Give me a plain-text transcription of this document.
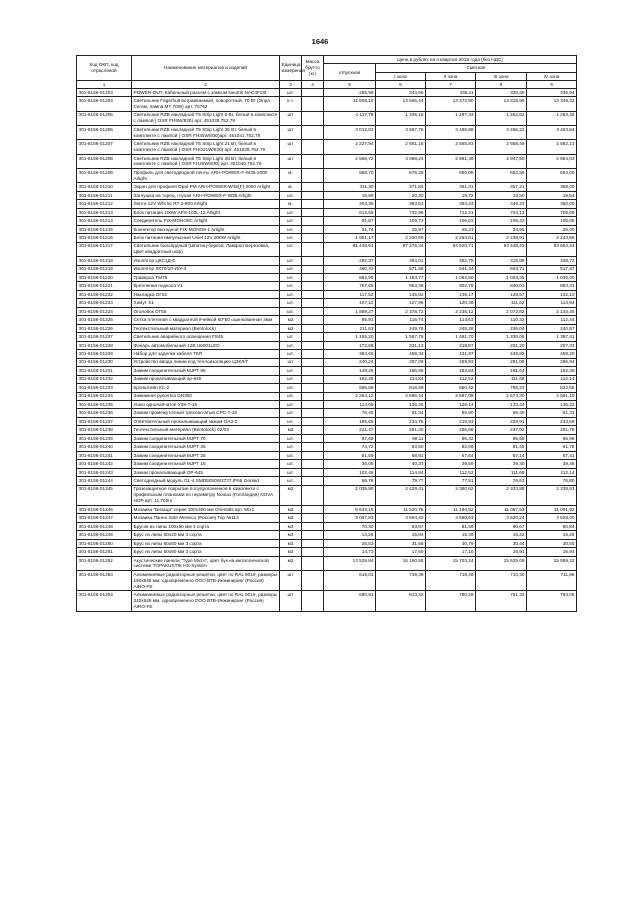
1646
Код ОКП, код отраслевой	Наименование материалов и изделий	Единица измерения	Масса брутто (кг)	Цена в рублях на 4 квартал 2015 года (без НДС)				
				отпускная	Сметная			
					I зона	II зона	III зона	IV зона
1	2	3	4	5	6	7	8	9
301-8156-01203	POWER-OUT. Кабельный разъем с замком Neutrik NAC3FCB	шт.		285,98	344,56	336,11	326,46	336,94
301-8156-01204	Светильник Fagerhult встраиваемый, поворотный, 70 Вт (Элра Сегам, лампа MT 70W) арт. 70762	к-т.		11 808,10	13 565,44	13 472,90	13 318,96	13 349,32
301-8156-01205	Светильник RZB накладной T5 Strip Light 8 Вт, белый в комплекте с лампой ( OSR FH8W/830) арт. 451035.752.79	шт		1 117,78	1 335,15	1 297,34	1 262,62	1 283,45
301-8156-01206	Светильник RZB накладной T5 Strip Light 35 Вт, белый в комплекте с лампой ( OSR FH35W/830)арт. 451041.752.79	шт		3 012,03	3 597,76	3 495,88	3 456,22	3 463,84
301-8156-01207	Светильник RZB накладной T5 Strip Light 21 Вт, белый в комплекте с лампой ( OSR FHO21W/830) арт. 451038.752.79	шт		2 227,94	2 661,18	2 585,83	2 558,49	2 562,13
301-8156-01208	Светильник RZB накладной T5 Strip Light 28 Вт, белый в комплекте с лампой ( OSR FH28W/830) арт. 451040.752.79	шт		2 568,72	3 068,24	2 981,35	2 947,50	2 954,03
301-8156-01209	Профиль для светодиодной ленты ARH-POWER-F-W35-2000 Arlight	м.		568,70	679,28	660,05	652,56	654,00
301-8156-01210	Экран для профиля Opal-PM ARH-POWER-W35(F)-2000 Arlight	м.		311,30	371,84	361,31	357,21	358,00
301-8156-01211	Заглушка на торец, глухая ARH-POWER-F-W35 Arlight	шт.		16,89	20,30	19,72	19,50	19,54
301-8156-01212	Лента 12V Wht 5с RT 2-800 Arlight	м.		304,35	363,53	353,24	349,23	350,00
301-8156-01213	Блок питания 100W APS-100L-12 Arlight	шт.		613,65	732,96	712,21	704,13	705,69
301-8156-01214	Соединитель FIX-MONO8C Arlight	шт.		91,87	109,73	106,63	105,42	105,65
301-8156-01215	Коннектор выходной FIX-MONO8-1 Arlight	шт.		21,74	25,97	25,23	24,95	25,00
301-8156-01216	Блок питания импульсный Uniel 12V 200W Arlight	шт.		1 951,17	2 330,60	2 264,61	2 238,91	2 243,86
301-8156-01217	Светильник бильярдный (Шпатиц-береза, Ламфон Березовка, Цвет квадратный шар)	шт.		81 438,64	97 275,34	94 520,71	93 448,43	93 654,44
301-8156-01218	Изолятор ЦКС1Д-Е	шт.		292,37	363,01	352,75	319,85	328,72
301-8156-01219	Изолятор ЛК70/10-И/У-3	шт.		460,43	571,68	541,34	503,71	517,67
301-8156-01220	Траверса ТМ75	шт.		882,99	1 153,77	1 062,50	1 004,35	1 035,00
301-8156-01221	Крепления подкоса У1	шт.		767,65	953,38	902,78	840,03	863,31
301-8156-01222	Накладка ОГ52	шт.		117,52	145,92	138,17	128,57	132,13
301-8156-01223	Хомут Х1	шт.		107,12	127,96	120,36	111,62	114,94
301-8156-01224	Оголовок ОГ55	шт.		1 889,27	2 378,72	2 235,12	2 072,82	2 134,46
301-8156-01225	Сетка плетеная с квадратной ячейкой 50*50 оцинкованная 3мм	м2		95,91	116,74	114,63	110,32	112,44
301-8156-01226	Геотекстильный материал (Bentolock)	м2		211,63	249,78	245,28	236,04	240,57
301-8156-01227	Светильник аварийного освещения FS45	шт.		1 165,20	1 567,76	1 491,70	1 336,06	1 397,41
301-8156-01228	Фонарь автомобильный 12В U6001LED	шт.		172,68	231,13	218,67	201,20	207,33
301-8156-01229	Набор для заделки кабеля ТКЯ	шт.		384,65	459,34	431,97	449,82	459,20
301-8156-01230	Устройство ввода линии под теплоизоляцию ЦЗКЛ/Г	шт		240,24	287,09	269,93	281,08	286,94
301-8156-01231	Зажим соединительный МJPT 95	шт.		148,28	186,95	182,84	161,64	162,29
301-8156-01232	Зажим прокалывающий ор-645	шт.		102,46	114,84	112,52	111,68	112,14
301-8156-01233	Кронштейн КС-2	шт.		685,58	918,89	860,42	798,23	822,59
301-8156-01234	Зажимная рукоятка DN300	шт.		2 264,12	2 695,44	2 587,09	2 574,30	2 581,10
301-8156-01235	Ушко однолапчатое У2К-7-16	шт.		114,05	136,26	128,14	133,44	136,22
301-8156-01236	Зажим промежуточный трехлап-атый СРС-7-16	шт.		76,45	91,34	85,90	89,45	91,31
301-8156-01237	Ответвительный прокалывающий зажим ОАЗ-2	шт.		195,65	233,76	219,83	228,91	233,68
301-8156-01238	Геотекстильный материал (Bentolock) 02/04	м2		221,47	261,40	256,68	247,02	251,76
301-8156-01239	Зажим соединительный МJPT 70	шт.		87,69	98,11	96,32	95,58	95,98
301-8156-01240	Зажим соединительный МJPT 35	шт.		74,72	83,60	82,06	81,45	81,78
301-8156-01241	Зажим соединительный МJPT 25	шт.		61,59	68,91	67,64	67,14	67,41
301-8156-01242	Зажим соединительный МJPT 16	шт.		36,05	40,33	39,59	39,30	39,46
301-8156-01243	Зажим прокалывающий ОР-645	шт.		102,46	114,84	112,52	111,68	112,14
301-8156-01244	Светодиодный модуль GL-4.SMD5050W3737 IP68 Genled	шт.		66,78	79,77	77,51	76,63	76,80
301-8156-01245	Грязезащитное покрытие полупрогоненное в комплекте с профильным планками по периметру Nooiax (Голландия) NOVA NOP арт. 11.702m	м2		2 035,90	2 429,41	2 380,62	2 333,88	2 338,93
301-8156-01246	Мозаика "Бизаца" серия 300х300 мм Orientals арт. Mix1	м2		9 643,15	11 520,76	11 194,52	11 067,53	11 091,92
301-8156-01247	Мозаика Панно Sole Messico (Россия) Top №113	м2		3 067,83	3 664,40	3 560,63	3 520,24	3 528,00
301-8156-01248	Брусок из липы 100х50 мм 3 сорта	м3		70,30	83,97	81,59	80,67	80,84
301-8156-01249	Брус из липы 50х20 мм 3 сорта	м3		13,26	15,84	15,39	15,22	15,25
301-8156-01250	Брус из липы 60х60 мм 3 сорта	м3		26,53	31,68	30,79	30,44	30,50
301-8156-01251	Брус из липы 50х50 мм 3 сорта	м3		14,73	17,60	17,10	16,91	16,94
301-8156-01252	Акустические панели "Туре Micro", цвет бук на металлической системе TOPAKUSTIK HS-System	м2		13 529,84	16 160,68	15 703,24	15 525,09	15 559,32
301-8156-01253	Алюминиевые радиаторные решетки, цвет по RAL 9019, размеры 190х545 мм, одновременно ООО ВТВ-Инжиниринг (Россия) AIRO-FE	шт		619,01	739,39	718,45	710,30	711,86
301-8156-01254	Алюминиевые радиаторные решетки, цвет по RAL 9019, размеры 240х545 мм, одновременно ООО ВТВ-Инжиниринг (Россия) AIRO-FE	шт		680,91	813,32	790,29	781,33	783,05
